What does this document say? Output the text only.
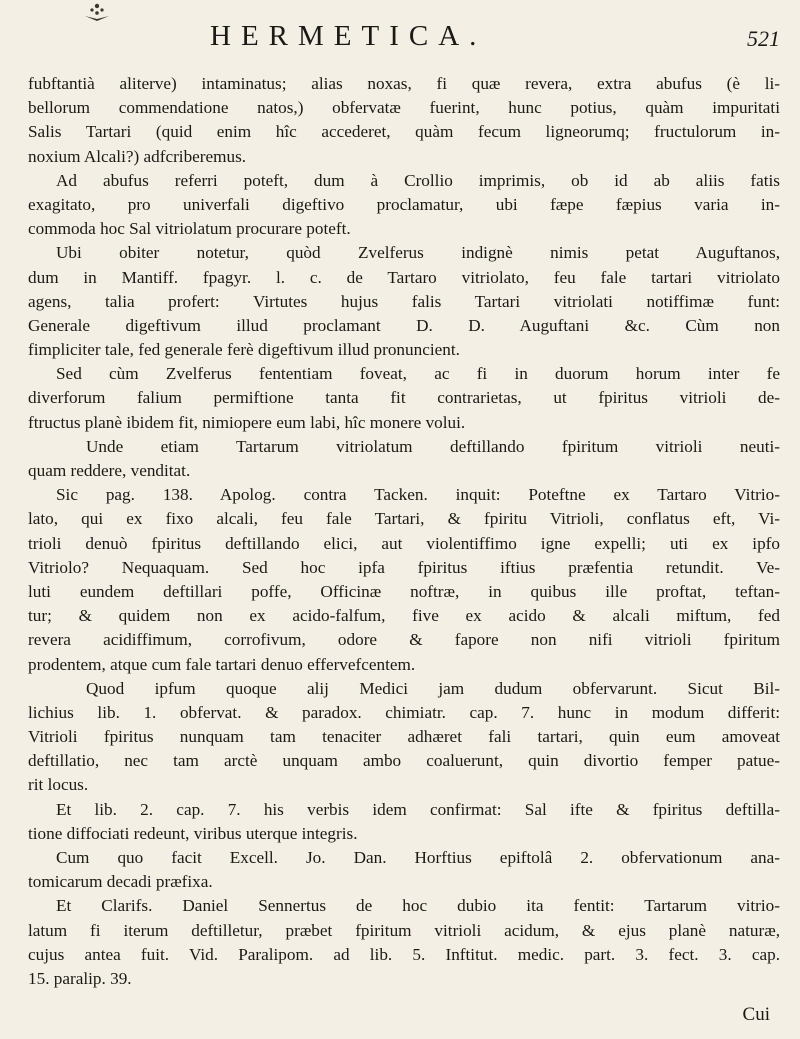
HERMETICA.	521
fubftantià aliterve) intaminatus; alias noxas, fi quæ revera, extra abufus (è li-
bellorum commendatione natos,) obfervatæ fuerint, hunc potius, quàm impuritati
Salis Tartari (quid enim hîc accederet, quàm fecum ligneorumq; fructulorum in-
noxium Alcali?) adfcriberemus.
Ad abufus referri poteft, dum à Crollio imprimis, ob id ab aliis fatis
exagitato, pro univerfali digeftivo proclamatur, ubi fæpe fæpius varia in-
commoda hoc Sal vitriolatum procurare poteft.
Ubi obiter notetur, quòd Zvelferus indignè nimis petat Auguftanos,
dum in Mantiff. fpagyr. l. c. de Tartaro vitriolato, feu fale tartari vitriolato
agens, talia profert: Virtutes hujus falis Tartari vitriolati notiffimæ funt:
Generale digeftivum illud proclamant D. D. Auguftani &c. Cùm non
fimpliciter tale, fed generale ferè digeftivum illud pronuncient.
Sed cùm Zvelferus fententiam foveat, ac fi in duorum horum inter fe
diverforum falium permiftione tanta fit contrarietas, ut fpiritus vitrioli de-
ftructus planè ibidem fit, nimiopere eum labi, hîc monere volui.
Unde etiam Tartarum vitriolatum deftillando fpiritum vitrioli neuti-
quam reddere, venditat.
Sic pag. 138. Apolog. contra Tacken. inquit: Poteftne ex Tartaro Vitrio-
lato, qui ex fixo alcali, feu fale Tartari, & fpiritu Vitrioli, conflatus eft, Vi-
trioli denuò fpiritus deftillando elici, aut violentiffimo igne expelli; uti ex ipfo
Vitriolo? Nequaquam. Sed hoc ipfa fpiritus iftius præfentia retundit. Ve-
luti eundem deftillari poffe, Officinæ noftræ, in quibus ille proftat, teftan-
tur; & quidem non ex acido-falfum, five ex acido & alcali miftum, fed
revera acidiffimum, corrofivum, odore & fapore non nifi vitrioli fpiritum
prodentem, atque cum fale tartari denuo effervefcentem.
Quod ipfum quoque alij Medici jam dudum obfervarunt. Sicut Bil-
lichius lib. 1. obfervat. & paradox. chimiatr. cap. 7. hunc in modum differit:
Vitrioli fpiritus nunquam tam tenaciter adhæret fali tartari, quin eum amoveat
deftillatio, nec tam arctè unquam ambo coaluerunt, quin divortio femper patue-
rit locus.
Et lib. 2. cap. 7. his verbis idem confirmat: Sal ifte & fpiritus deftilla-
tione diffociati redeunt, viribus uterque integris.
Cum quo facit Excell. Jo. Dan. Horftius epiftolâ 2. obfervationum ana-
tomicarum decadi præfixa.
Et Clarifs. Daniel Sennertus de hoc dubio ita fentit: Tartarum vitrio-
latum fi iterum deftilletur, præbet fpiritum vitrioli acidum, & ejus planè naturæ,
cujus antea fuit. Vid. Paralipom. ad lib. 5. Inftitut. medic. part. 3. fect. 3. cap.
15. paralip. 39.
Cui
